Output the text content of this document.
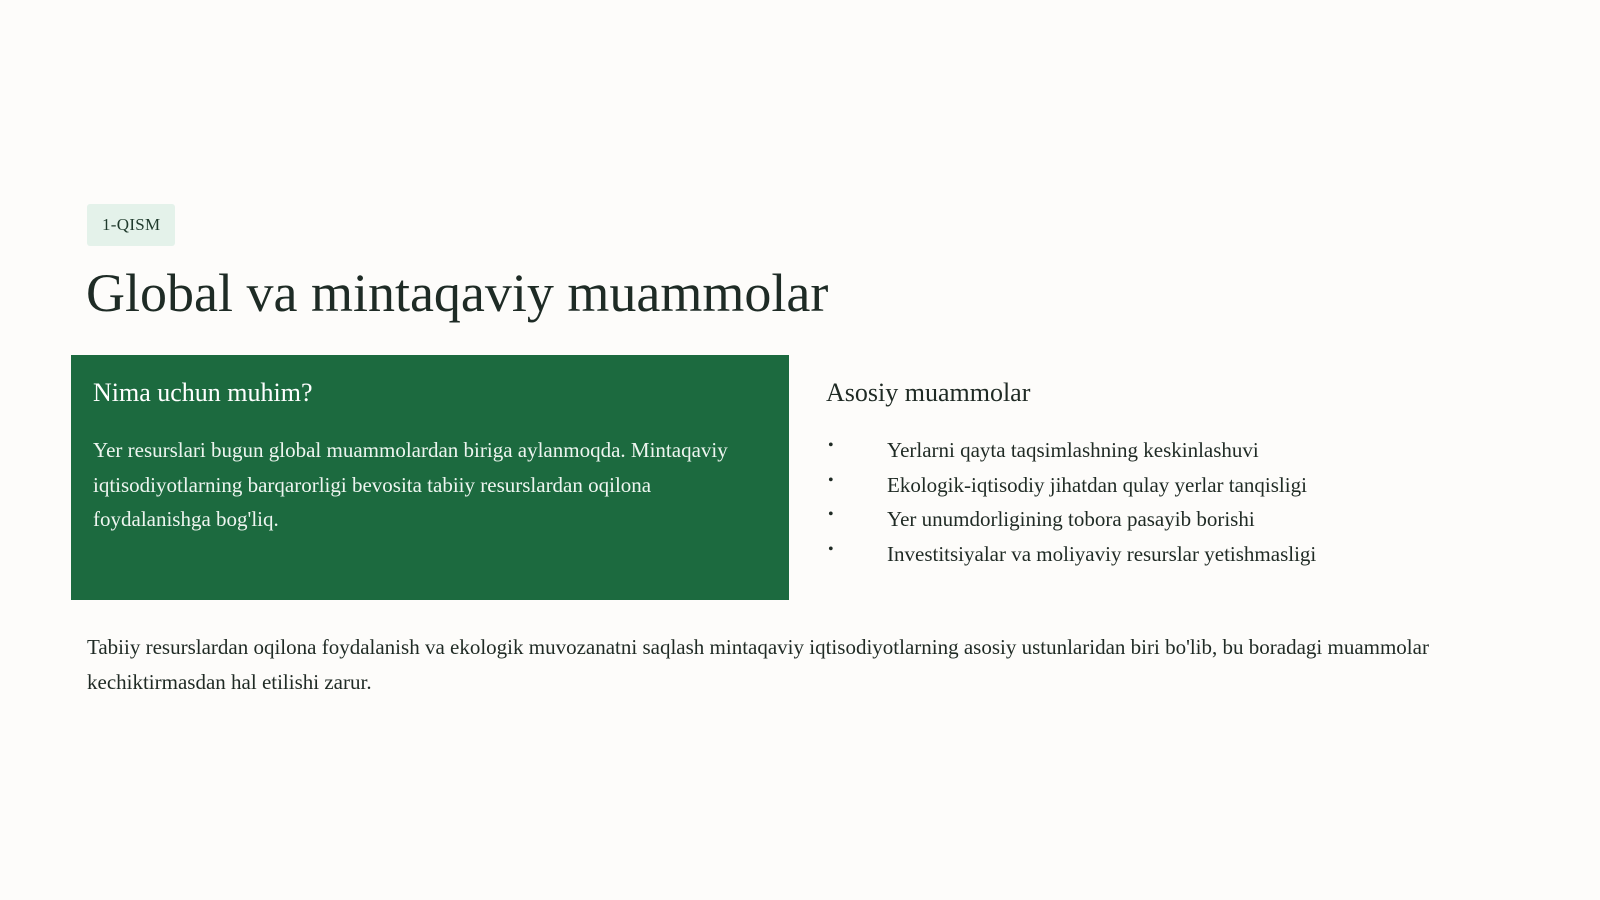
1-QISM
Global va mintaqaviy muammolar
Nima uchun muhim?

Yer resurslari bugun global muammolardan biriga aylanmoqda. Mintaqaviy iqtisodiyotlarning barqarorligi bevosita tabiiy resurslardan oqilona foydalanishga bog'liq.

Asosiy muammolar
•	Yerlarni qayta taqsimlashning keskinlashuvi
•	Ekologik-iqtisodiy jihatdan qulay yerlar tanqisligi
•	Yer unumdorligining tobora pasayib borishi
•	Investitsiyalar va moliyaviy resurslar yetishmasligi

Tabiiy resurslardan oqilona foydalanish va ekologik muvozanatni saqlash mintaqaviy iqtisodiyotlarning asosiy ustunlaridan biri bo'lib, bu boradagi muammolar kechiktirmasdan hal etilishi zarur.
